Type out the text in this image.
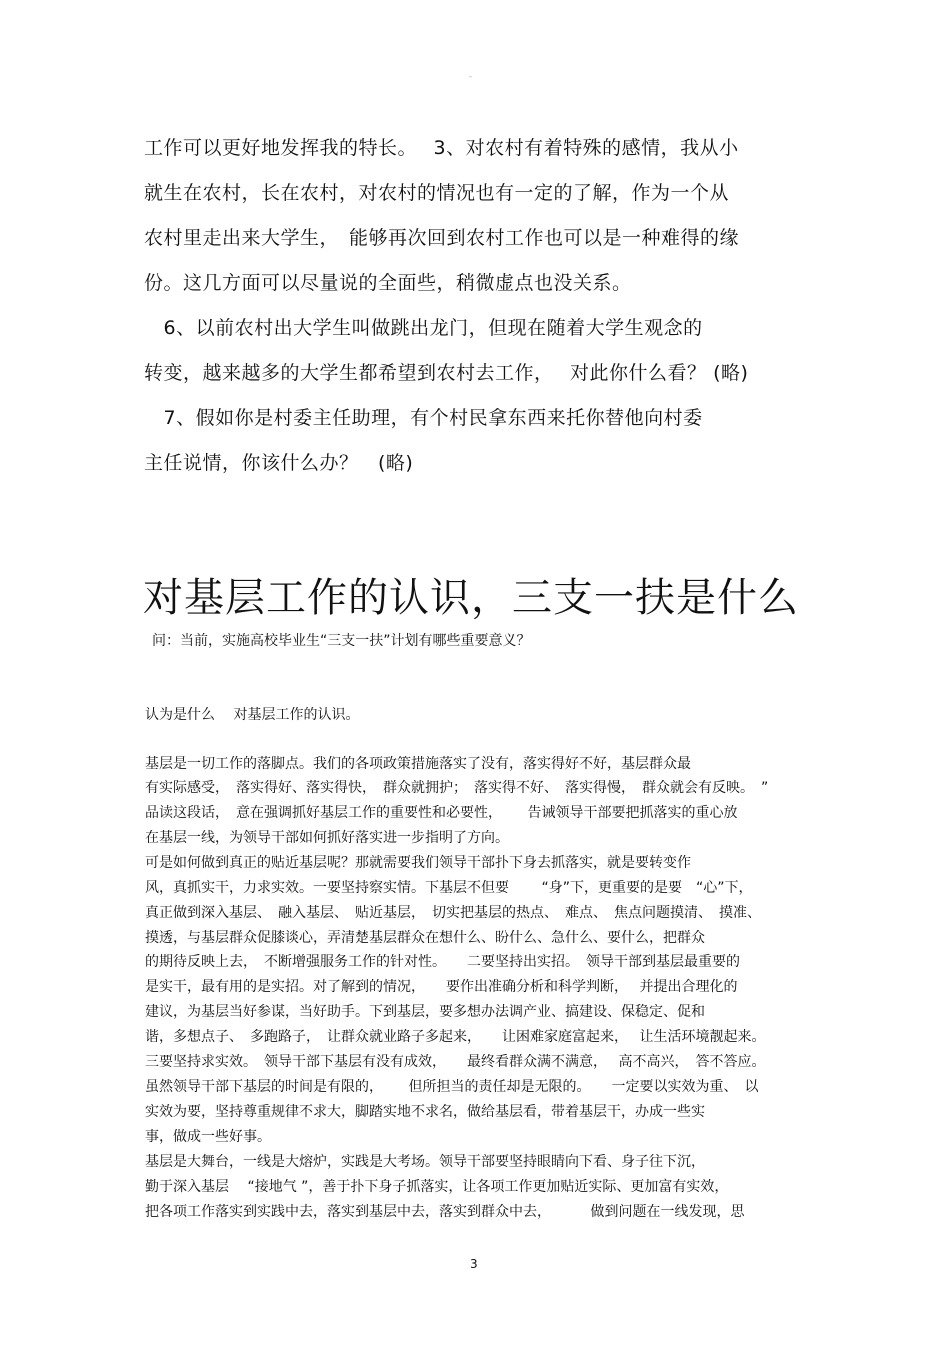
-
工作可以更好地发挥我的特长。　 3、对农村有着特殊的感情，我从小
就生在农村，长在农村，对农村的情况也有一定的了解，作为一个从
农村里走出来大学生，　能够再次回到农村工作也可以是一种难得的缘
份。这几方面可以尽量说的全面些，稍微虚点也没关系。
　6、以前农村出大学生叫做跳出龙门，但现在随着大学生观念的
转变，越来越多的大学生都希望到农村去工作，　 对此你什么看？ (略)
　7、假如你是村委主任助理，有个村民拿东西来托你替他向村委
主任说情，你该什么办？　(略)
对基层工作的认识，三支一扶是什么
问：当前，实施高校毕业生“三支一扶”计划有哪些重要意义？
认为是什么　 对基层工作的认识。
基层是一切工作的落脚点。我们的各项政策措施落实了没有，落实得好不好，基层群众最
有实际感受，　落实得好、落实得快，　群众就拥护；　落实得不好、　落实得慢，　群众就会有反映。　”
品读这段话，　意在强调抓好基层工作的重要性和必要性，　　 告诫领导干部要把抓落实的重心放
在基层一线，为领导干部如何抓好落实进一步指明了方向。
可是如何做到真正的贴近基层呢？那就需要我们领导干部扑下身去抓落实，就是要转变作
风，真抓实干，力求实效。一要坚持察实情。下基层不但要　　 “身”下，更重要的是要　“心”下，
真正做到深入基层、　融入基层、　贴近基层，　切实把基层的热点、　难点、　焦点问题摸清、　摸准、
摸透，与基层群众促膝谈心，弄清楚基层群众在想什么、盼什么、急什么、要什么，把群众
的期待反映上去，　不断增强服务工作的针对性。　　二要坚持出实招。　领导干部到基层最重要的
是实干，最有用的是实招。对了解到的情况，　　要作出准确分析和科学判断，　 并提出合理化的
建议，为基层当好参谋，当好助手。下到基层，要多想办法调产业、搞建设、保稳定、促和
谐，多想点子、　多跑路子，　让群众就业路子多起来，　　让困难家庭富起来，　 让生活环境靓起来。
三要坚持求实效。　领导干部下基层有没有成效，　　最终看群众满不满意，　 高不高兴，　答不答应。
虽然领导干部下基层的时间是有限的，　　 但所担当的责任却是无限的。　　一定要以实效为重、　以
实效为要，坚持尊重规律不求大，脚踏实地不求名，做给基层看，带着基层干，办成一些实
事，做成一些好事。
基层是大舞台，一线是大熔炉，实践是大考场。领导干部要坚持眼睛向下看、身子往下沉，
勤于深入基层　 “接地气 ”，善于扑下身子抓落实，让各项工作更加贴近实际、更加富有实效，
把各项工作落实到实践中去，落实到基层中去，落实到群众中去，　　　 做到问题在一线发现，思
3
